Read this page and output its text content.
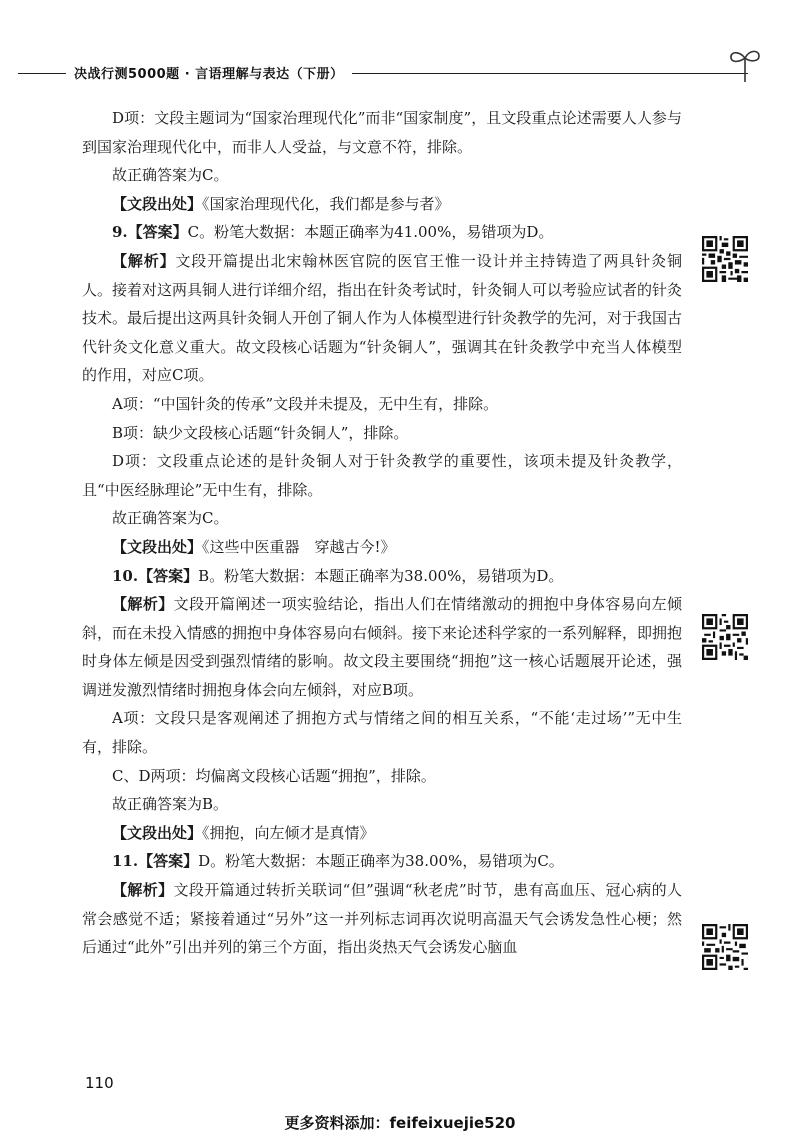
决战行测5000题 · 言语理解与表达（下册）

D项：文段主题词为“国家治理现代化”而非“国家制度”，且文段重点论述需要人人参与到国家治理现代化中，而非人人受益，与文意不符，排除。

故正确答案为C。

【文段出处】《国家治理现代化，我们都是参与者》

9.【答案】C。粉笔大数据：本题正确率为41.00%，易错项为D。

【解析】文段开篇提出北宋翰林医官院的医官王惟一设计并主持铸造了两具针灸铜人。接着对这两具铜人进行详细介绍，指出在针灸考试时，针灸铜人可以考验应试者的针灸技术。最后提出这两具针灸铜人开创了铜人作为人体模型进行针灸教学的先河，对于我国古代针灸文化意义重大。故文段核心话题为“针灸铜人”，强调其在针灸教学中充当人体模型的作用，对应C项。

A项：“中国针灸的传承”文段并未提及，无中生有，排除。

B项：缺少文段核心话题“针灸铜人”，排除。

D项：文段重点论述的是针灸铜人对于针灸教学的重要性，该项未提及针灸教学，且“中医经脉理论”无中生有，排除。

故正确答案为C。

【文段出处】《这些中医重器　穿越古今!》

10.【答案】B。粉笔大数据：本题正确率为38.00%，易错项为D。

【解析】文段开篇阐述一项实验结论，指出人们在情绪激动的拥抱中身体容易向左倾斜，而在未投入情感的拥抱中身体容易向右倾斜。接下来论述科学家的一系列解释，即拥抱时身体左倾是因受到强烈情绪的影响。故文段主要围绕“拥抱”这一核心话题展开论述，强调迸发激烈情绪时拥抱身体会向左倾斜，对应B项。

A项：文段只是客观阐述了拥抱方式与情绪之间的相互关系，“不能‘走过场’”无中生有，排除。

C、D两项：均偏离文段核心话题“拥抱”，排除。

故正确答案为B。

【文段出处】《拥抱，向左倾才是真情》

11.【答案】D。粉笔大数据：本题正确率为38.00%，易错项为C。

【解析】文段开篇通过转折关联词“但”强调“秋老虎”时节，患有高血压、冠心病的人常会感觉不适；紧接着通过“另外”这一并列标志词再次说明高温天气会诱发急性心梗；然后通过“此外”引出并列的第三个方面，指出炎热天气会诱发心脑血

110
更多资料添加：feifeixuejie520
